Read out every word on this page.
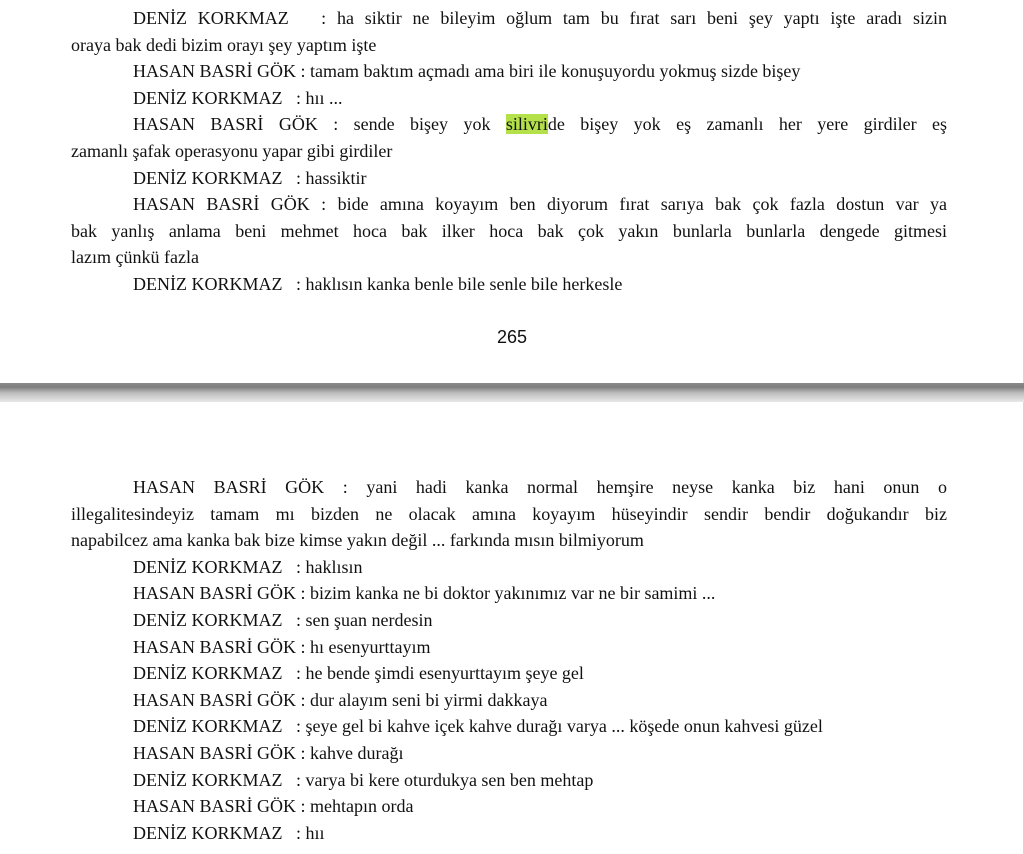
DENİZ KORKMAZ   : ha siktir ne bileyim oğlum tam bu fırat sarı beni şey yaptı işte aradı sizin

oraya bak dedi bizim orayı şey yaptım işte

HASAN BASRİ GÖK : tamam baktım açmadı ama biri ile konuşuyordu yokmuş sizde bişey

DENİZ KORKMAZ   : hıı ...

HASAN BASRİ GÖK : sende bişey yok silivride bişey yok eş zamanlı her yere girdiler eş

zamanlı şafak operasyonu yapar gibi girdiler

DENİZ KORKMAZ   : hassiktir

HASAN BASRİ GÖK : bide amına koyayım ben diyorum fırat sarıya bak çok fazla dostun var ya

bak yanlış anlama beni mehmet hoca bak ilker hoca bak çok yakın bunlarla bunlarla dengede gitmesi

lazım çünkü fazla

DENİZ KORKMAZ   : haklısın kanka benle bile senle bile herkesle

265

HASAN BASRİ GÖK : yani hadi kanka normal hemşire neyse kanka biz hani onun o

illegalitesindeyiz tamam mı bizden ne olacak amına koyayım hüseyindir sendir bendir doğukandır biz

napabilcez ama kanka bak bize kimse yakın değil ... farkında mısın bilmiyorum

DENİZ KORKMAZ   : haklısın

HASAN BASRİ GÖK : bizim kanka ne bi doktor yakınımız var ne bir samimi ...

DENİZ KORKMAZ   : sen şuan nerdesin

HASAN BASRİ GÖK : hı esenyurttayım

DENİZ KORKMAZ   : he bende şimdi esenyurttayım şeye gel

HASAN BASRİ GÖK : dur alayım seni bi yirmi dakkaya

DENİZ KORKMAZ   : şeye gel bi kahve içek kahve durağı varya ... köşede onun kahvesi güzel

HASAN BASRİ GÖK : kahve durağı

DENİZ KORKMAZ   : varya bi kere oturdukya sen ben mehtap

HASAN BASRİ GÖK : mehtapın orda

DENİZ KORKMAZ   : hıı
